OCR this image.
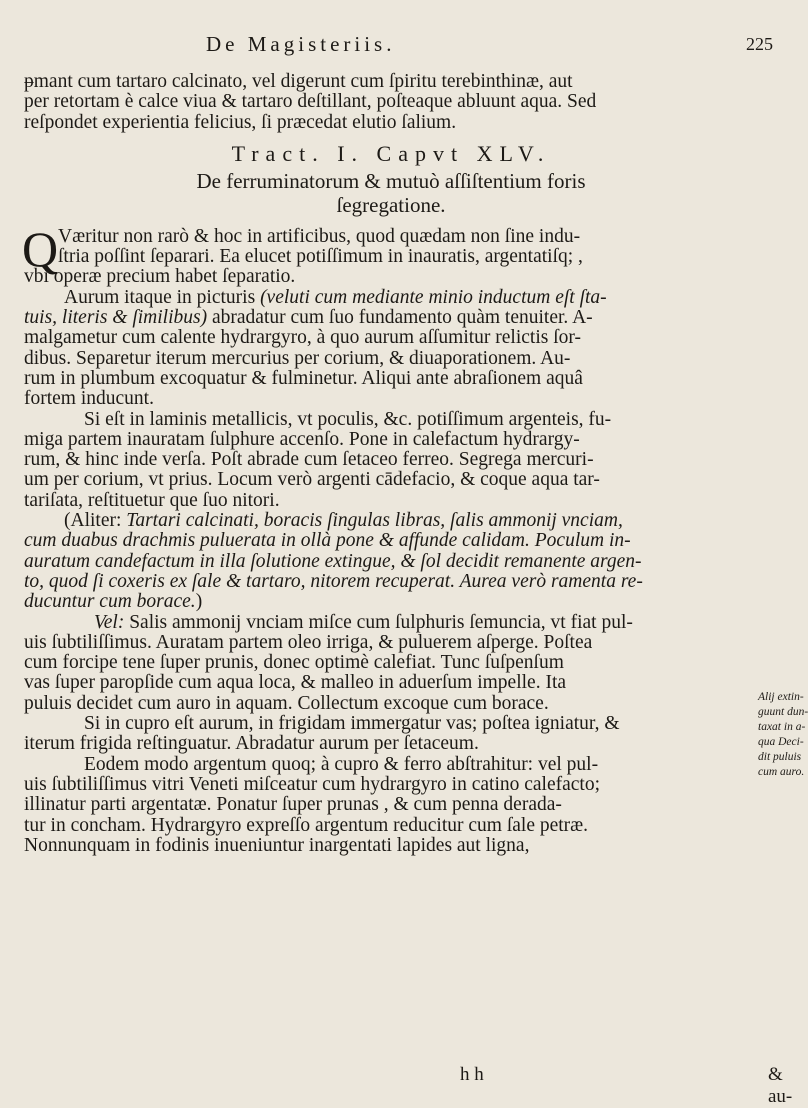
De Magisteriis.	225
ᵽmant cum tartaro calcinato, vel digerunt cum ſpiritu terebinthinæ, aut
per retortam è calce viua & tartaro deſtillant, poſteaque abluunt aqua. Sed
reſpondet experientia felicius, ſi præcedat elutio ſalium.
Tract. I. Capvt XLV.
De ferruminatorum & mutuò aſſiſtentium foris
ſegregatione.
Q Væritur non rarò & hoc in artificibus, quod quædam non ſine indu-
ſtria poſſint ſeparari. Ea elucet potiſſimum in inauratis, argentatiſq; ,
vbi operæ precium habet ſeparatio.
Aurum itaque in picturis (veluti cum mediante minio inductum eſt ſta-
tuis, literis & ſimilibus) abradatur cum ſuo fundamento quàm tenuiter. A-
malgametur cum calente hydrargyro, à quo aurum aſſumitur relictis ſor-
dibus. Separetur iterum mercurius per corium, & diuaporationem. Au-
rum in plumbum excoquatur & fulminetur. Aliqui ante abraſionem aquâ
fortem inducunt.
Si eſt in laminis metallicis, vt poculis, &c. potiſſimum argenteis, fu-
miga partem inauratam ſulphure accenſo. Pone in calefactum hydrargy-
rum, & hinc inde verſa. Poſt abrade cum ſetaceo ferreo. Segrega mercuri-
um per corium, vt prius. Locum verò argenti cādefacio, & coque aqua tar-
tariſata, reſtituetur que ſuo nitori.
(Aliter: Tartari calcinati, boracis ſingulas libras, ſalis ammonij vnciam,
cum duabus drachmis pulueratа in ollà pone & affunde calidam. Poculum in-
auratum candefactum in illa ſolutione extingue, & ſol decidit remanente argen-
to, quod ſi coxeris ex ſale & tartaro, nitorem recuperat. Aurea verò ramenta re-
ducuntur cum borace.)
Vel: Salis ammonij vnciam miſce cum ſulphuris ſemuncia, vt fiat pul-
uis ſubtiliſſimus. Auratam partem oleo irriga, & puluerem aſperge. Poſtea
cum forcipe tene ſuper prunis, donec optimè calefiat. Tunc ſuſpenſum
vas ſuper paropſide cum aqua loca, & malleo in aduerſum impelle. Ita
puluis decidet cum auro in aquam. Collectum excoque cum borace.
Si in cupro eſt aurum, in frigidam immergatur vas; poſtea igniatur, &
iterum frigida reſtinguatur. Abradatur aurum per ſetaceum.
Eodem modo argentum quoq; à cupro & ferro abſtrahitur: vel pul-
uis ſubtiliſſimus vitri Veneti miſceatur cum hydrargyro in catino calefacto;
illinatur parti argentatæ. Ponatur ſuper prunas , & cum penna derada-
tur in concham. Hydrargyro expreſſo argentum reducitur cum ſale petræ.
Nonnunquam in fodinis inueniuntur inargentati lapides aut ligna,
Alij extin-
guunt dun-
taxat in a-
qua Deci-
dit puluis
cum auro.
h h	& au-
